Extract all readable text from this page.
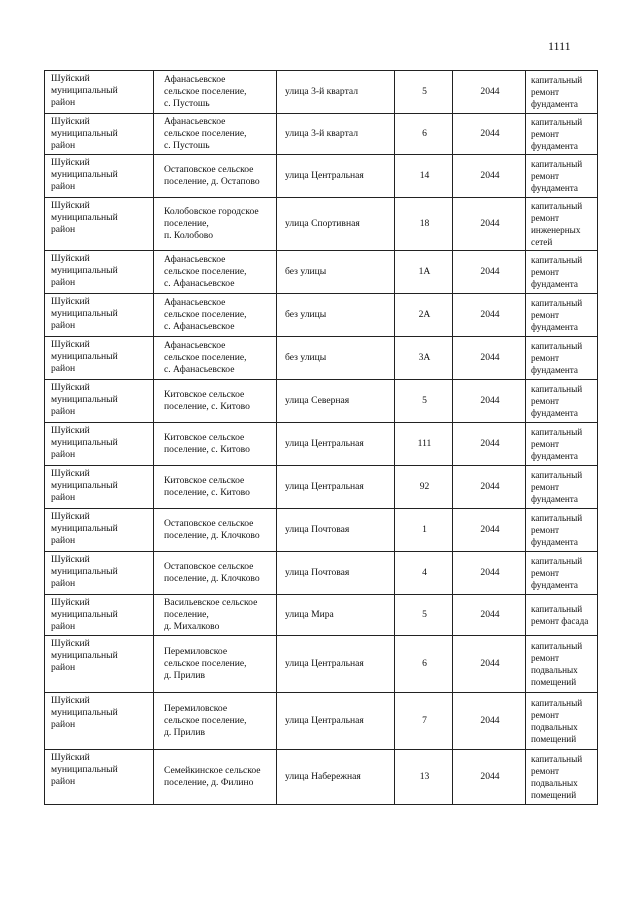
1111
Шуйский
муниципальный
район	Афанасьевское
сельское поселение,
с. Пустошь	улица 3-й квартал	5	2044	капитальный
ремонт
фундамента

Шуйский
муниципальный
район	Афанасьевское
сельское поселение,
с. Пустошь	улица 3-й квартал	6	2044	капитальный
ремонт
фундамента

Шуйский
муниципальный
район	Остаповское сельское
поселение, д. Остапово	улица Центральная	14	2044	капитальный
ремонт
фундамента

Шуйский
муниципальный
район	Колобовское городское
поселение,
п. Колобово	улица Спортивная	18	2044	капитальный
ремонт
инженерных
сетей

Шуйский
муниципальный
район	Афанасьевское
сельское поселение,
с. Афанасьевское	без улицы	1А	2044	капитальный
ремонт
фундамента

Шуйский
муниципальный
район	Афанасьевское
сельское поселение,
с. Афанасьевское	без улицы	2А	2044	капитальный
ремонт
фундамента

Шуйский
муниципальный
район	Афанасьевское
сельское поселение,
с. Афанасьевское	без улицы	3А	2044	капитальный
ремонт
фундамента

Шуйский
муниципальный
район	Китовское сельское
поселение, с. Китово	улица Северная	5	2044	капитальный
ремонт
фундамента

Шуйский
муниципальный
район	Китовское сельское
поселение, с. Китово	улица Центральная	111	2044	капитальный
ремонт
фундамента

Шуйский
муниципальный
район	Китовское сельское
поселение, с. Китово	улица Центральная	92	2044	капитальный
ремонт
фундамента

Шуйский
муниципальный
район	Остаповское сельское
поселение, д. Клочково	улица Почтовая	1	2044	капитальный
ремонт
фундамента

Шуйский
муниципальный
район	Остаповское сельское
поселение, д. Клочково	улица Почтовая	4	2044	капитальный
ремонт
фундамента

Шуйский
муниципальный
район	Васильевское сельское
поселение,
д. Михалково	улица Мира	5	2044	капитальный
ремонт фасада

Шуйский
муниципальный
район	Перемиловское
сельское поселение,
д. Прилив	улица Центральная	6	2044	капитальный
ремонт
подвальных
помещений

Шуйский
муниципальный
район	Перемиловское
сельское поселение,
д. Прилив	улица Центральная	7	2044	капитальный
ремонт
подвальных
помещений

Шуйский
муниципальный
район	Семейкинское сельское
поселение, д. Филино	улица Набережная	13	2044	капитальный
ремонт
подвальных
помещений
